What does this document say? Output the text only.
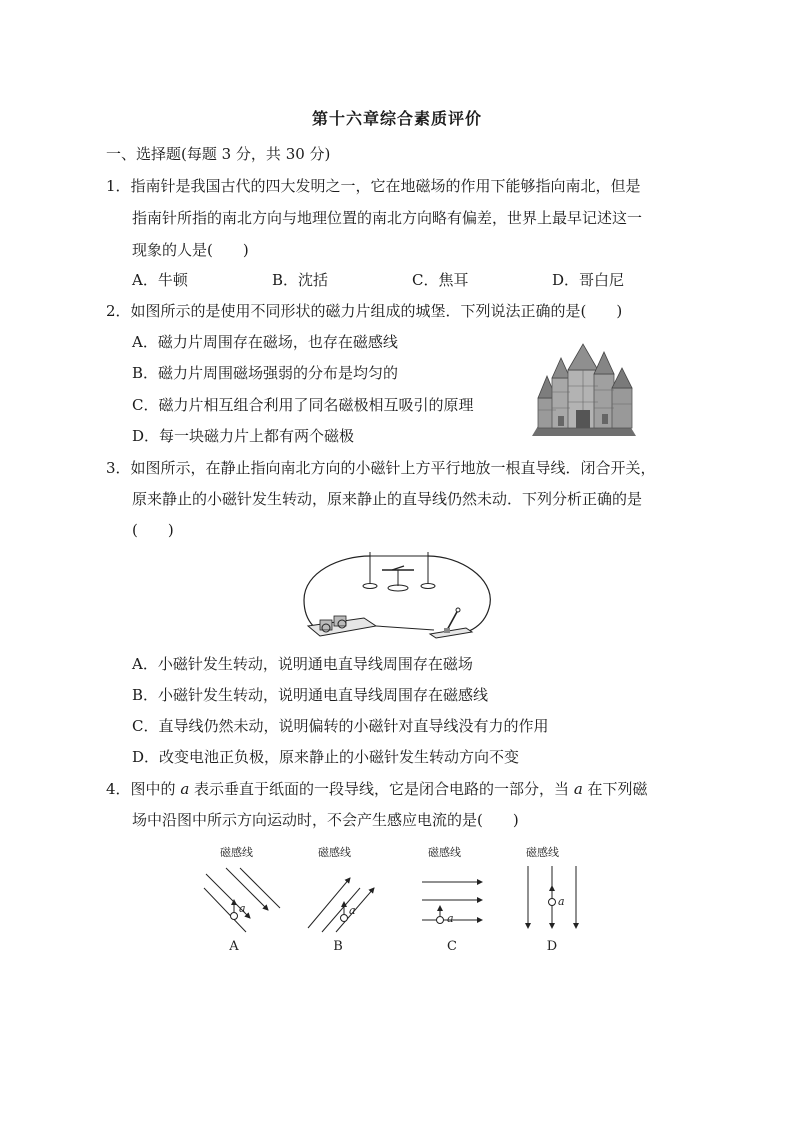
第十六章综合素质评价
一、选择题(每题 3 分，共 30 分)
1．指南针是我国古代的四大发明之一，它在地磁场的作用下能够指向南北，但是
指南针所指的南北方向与地理位置的南北方向略有偏差，世界上最早记述这一
现象的人是(　　)
A．牛顿	B．沈括	C．焦耳	D．哥白尼
2．如图所示的是使用不同形状的磁力片组成的城堡．下列说法正确的是(　　)
A．磁力片周围存在磁场，也存在磁感线
B．磁力片周围磁场强弱的分布是均匀的
C．磁力片相互组合利用了同名磁极相互吸引的原理
D．每一块磁力片上都有两个磁极
3．如图所示，在静止指向南北方向的小磁针上方平行地放一根直导线．闭合开关，
原来静止的小磁针发生转动，原来静止的直导线仍然未动．下列分析正确的是
(　　)
A．小磁针发生转动，说明通电直导线周围存在磁场
B．小磁针发生转动，说明通电直导线周围存在磁感线
C．直导线仍然未动，说明偏转的小磁针对直导线没有力的作用
D．改变电池正负极，原来静止的小磁针发生转动方向不变
4．图中的 a 表示垂直于纸面的一段导线，它是闭合电路的一部分，当 a 在下列磁
场中沿图中所示方向运动时，不会产生感应电流的是(　　)
磁感线	磁感线	磁感线	磁感线
a	a
a
a
A	B	C	D
